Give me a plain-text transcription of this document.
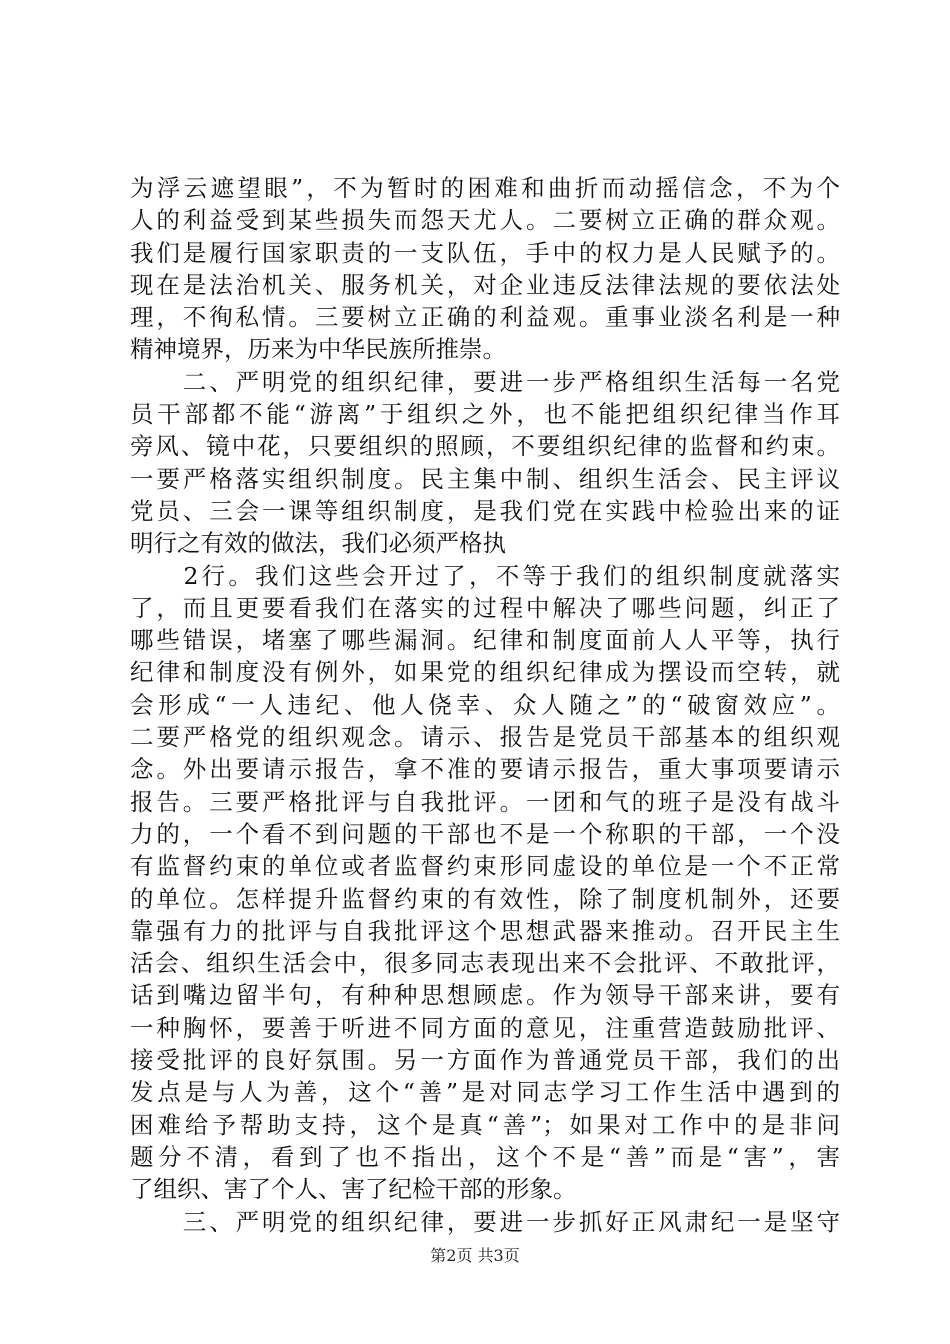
为浮云遮望眼”，不为暂时的困难和曲折而动摇信念，不为个
人的利益受到某些损失而怨天尤人。二要树立正确的群众观。
我们是履行国家职责的一支队伍，手中的权力是人民赋予的。
现在是法治机关、服务机关，对企业违反法律法规的要依法处
理，不徇私情。三要树立正确的利益观。重事业淡名利是一种
精神境界，历来为中华民族所推崇。
　　二、严明党的组织纪律，要进一步严格组织生活每一名党
员干部都不能“游离”于组织之外，也不能把组织纪律当作耳
旁风、镜中花，只要组织的照顾，不要组织纪律的监督和约束。
一要严格落实组织制度。民主集中制、组织生活会、民主评议
党员、三会一课等组织制度，是我们党在实践中检验出来的证
明行之有效的做法，我们必须严格执
　　2行。我们这些会开过了，不等于我们的组织制度就落实
了，而且更要看我们在落实的过程中解决了哪些问题，纠正了
哪些错误，堵塞了哪些漏洞。纪律和制度面前人人平等，执行
纪律和制度没有例外，如果党的组织纪律成为摆设而空转，就
会形成“一人违纪、他人侥幸、众人随之”的“破窗效应”。
二要严格党的组织观念。请示、报告是党员干部基本的组织观
念。外出要请示报告，拿不准的要请示报告，重大事项要请示
报告。三要严格批评与自我批评。一团和气的班子是没有战斗
力的，一个看不到问题的干部也不是一个称职的干部，一个没
有监督约束的单位或者监督约束形同虚设的单位是一个不正常
的单位。怎样提升监督约束的有效性，除了制度机制外，还要
靠强有力的批评与自我批评这个思想武器来推动。召开民主生
活会、组织生活会中，很多同志表现出来不会批评、不敢批评，
话到嘴边留半句，有种种思想顾虑。作为领导干部来讲，要有
一种胸怀，要善于听进不同方面的意见，注重营造鼓励批评、
接受批评的良好氛围。另一方面作为普通党员干部，我们的出
发点是与人为善，这个“善”是对同志学习工作生活中遇到的
困难给予帮助支持，这个是真“善”；如果对工作中的是非问
题分不清，看到了也不指出，这个不是“善”而是“害”，害
了组织、害了个人、害了纪检干部的形象。
　　三、严明党的组织纪律，要进一步抓好正风肃纪一是坚守
第2页 共3页
